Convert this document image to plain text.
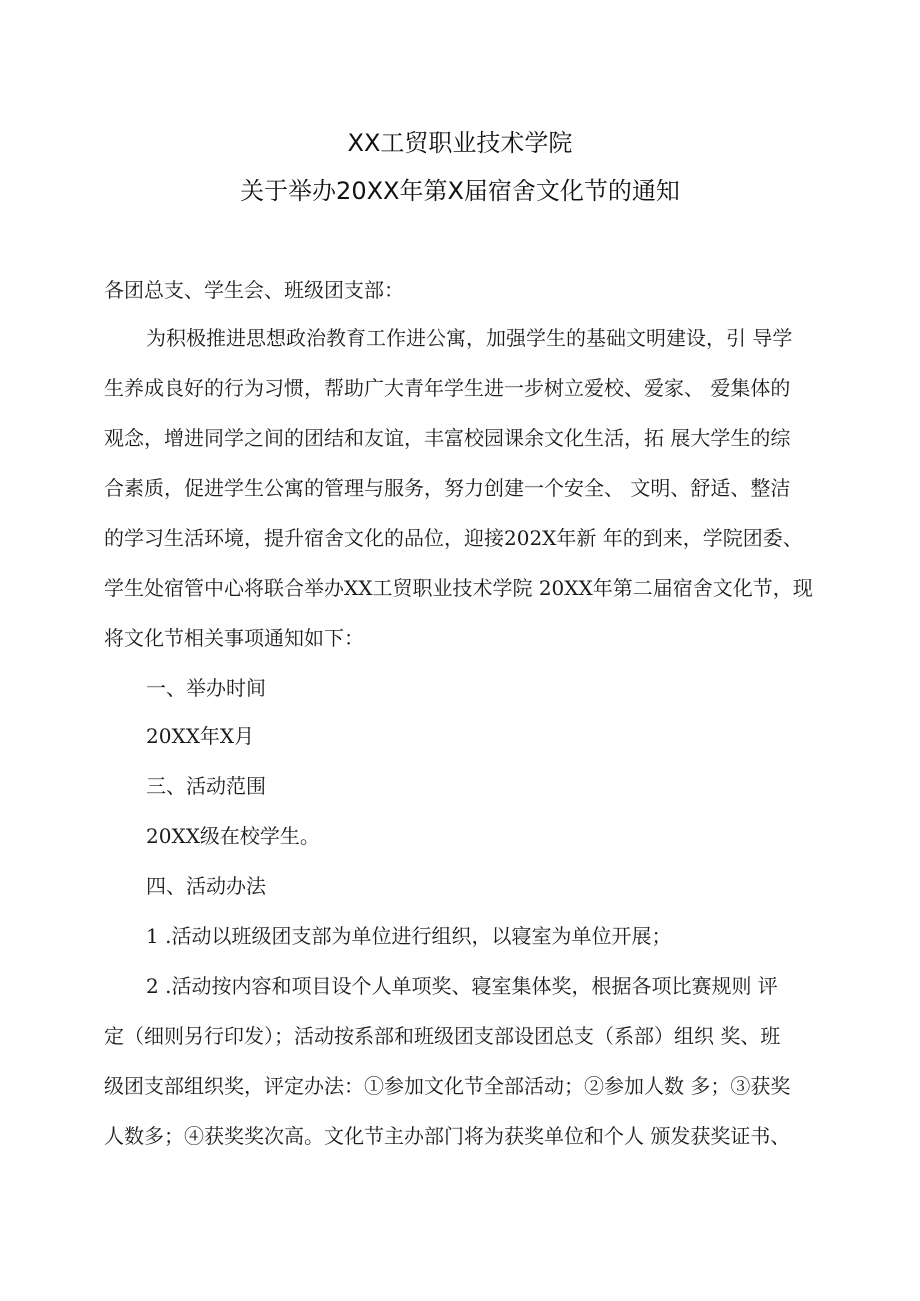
XX工贸职业技术学院
关于举办20XX年第X届宿舍文化节的通知
各团总支、学生会、班级团支部：
为积极推进思想政治教育工作进公寓，加强学生的基础文明建设，引 导学
生养成良好的行为习惯，帮助广大青年学生进一步树立爱校、爱家、 爱集体的
观念，增进同学之间的团结和友谊，丰富校园课余文化生活，拓 展大学生的综
合素质，促进学生公寓的管理与服务，努力创建一个安全、 文明、舒适、整洁
的学习生活环境，提升宿舍文化的品位，迎接202X年新 年的到来，学院团委、
学生处宿管中心将联合举办XX工贸职业技术学院 20XX年第二届宿舍文化节，现
将文化节相关事项通知如下：
一、举办时间
20XX年X月
三、活动范围
20XX级在校学生。
四、活动办法
1 .活动以班级团支部为单位进行组织，以寝室为单位开展；
2 .活动按内容和项目设个人单项奖、寝室集体奖，根据各项比赛规则 评
定（细则另行印发）；活动按系部和班级团支部设团总支（系部）组织 奖、班
级团支部组织奖，评定办法：①参加文化节全部活动；②参加人数 多；③获奖
人数多；④获奖奖次高。文化节主办部门将为获奖单位和个人 颁发获奖证书、
